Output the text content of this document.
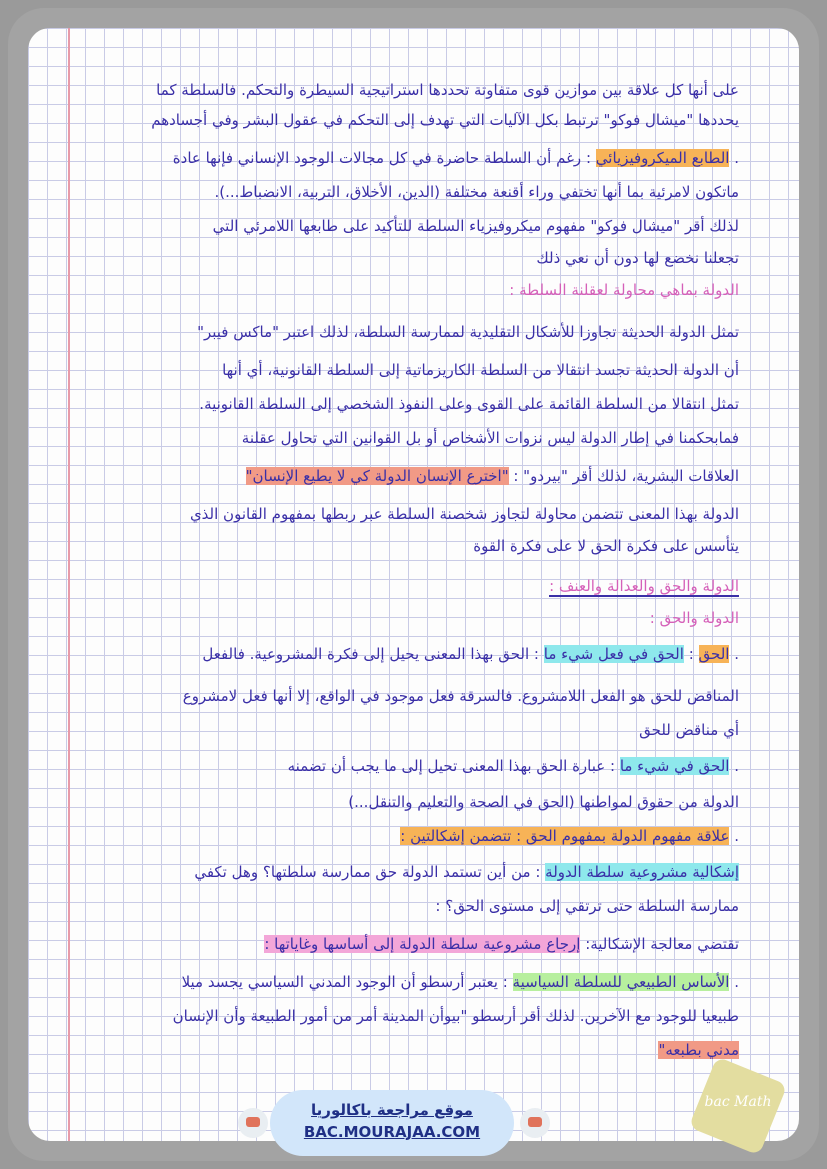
على أنها كل علاقة بين موازين قوى متفاوتة تحددها استراتيجية السيطرة والتحكم. فالسلطة كما
يحددها "ميشال فوكو" ترتبط بكل الآليات التي تهدف إلى التحكم في عقول البشر وفي أجسادهم
. الطابع الميكروفيزيائي : رغم أن السلطة حاضرة في كل مجالات الوجود الإنساني فإنها عادة
ماتكون لامرئية بما أنها تختفي وراء أقنعة مختلفة (الدين، الأخلاق، التربية، الانضباط...).
لذلك أقر "ميشال فوكو" مفهوم ميكروفيزياء السلطة للتأكيد على طابعها اللامرئي التي
تجعلنا نخضع لها دون أن نعي ذلك
الدولة بماهي محاولة لعقلنة السلطة :
تمثل الدولة الحديثة تجاوزا للأشكال التقليدية لممارسة السلطة، لذلك اعتبر "ماكس فيبر"
أن الدولة الحديثة تجسد انتقالا من السلطة الكاريزماتية إلى السلطة القانونية، أي أنها
تمثل انتقالا من السلطة القائمة على القوى وعلى النفوذ الشخصي إلى السلطة القانونية.
فمابحكمنا في إطار الدولة ليس نزوات الأشخاص أو بل القوانين التي تحاول عقلنة
العلاقات البشرية، لذلك أقر "بيردو" : "اخترع الإنسان الدولة كي لا يطيع الإنسان"
الدولة بهذا المعنى تتضمن محاولة لتجاوز شخصنة السلطة عبر ربطها بمفهوم القانون الذي
يتأسس على فكرة الحق لا على فكرة القوة
الدولة والحق والعدالة والعنف :
الدولة والحق :
. الحق : الحق في فعل شيء ما : الحق بهذا المعنى يحيل إلى فكرة المشروعية. فالفعل
المناقض للحق هو الفعل اللامشروع. فالسرقة فعل موجود في الواقع، إلا أنها فعل لامشروع
أي مناقض للحق
. الحق في شيء ما : عبارة الحق بهذا المعنى تحيل إلى ما يجب أن تضمنه
الدولة من حقوق لمواطنها (الحق في الصحة والتعليم والتنقل...)
. علاقة مفهوم الدولة بمفهوم الحق : تتضمن إشكالتين :
إشكالية مشروعية سلطة الدولة : من أين تستمد الدولة حق ممارسة سلطتها؟ وهل تكفي
ممارسة السلطة حتى ترتقي إلى مستوى الحق؟ :
تقتضي معالجة الإشكالية: إرجاع مشروعية سلطة الدولة إلى أساسها وغاياتها :
. الأساس الطبيعي للسلطة السياسية : يعتبر أرسطو أن الوجود المدني السياسي يجسد ميلا
طبيعيا للوجود مع الآخرين. لذلك أقر أرسطو "بيوأن المدينة أمر من أمور الطبيعة وأن الإنسان
مدني بطبعه"
موقع مراجعة باكالوريا
BAC.MOURAJAA.COM
bac Math
